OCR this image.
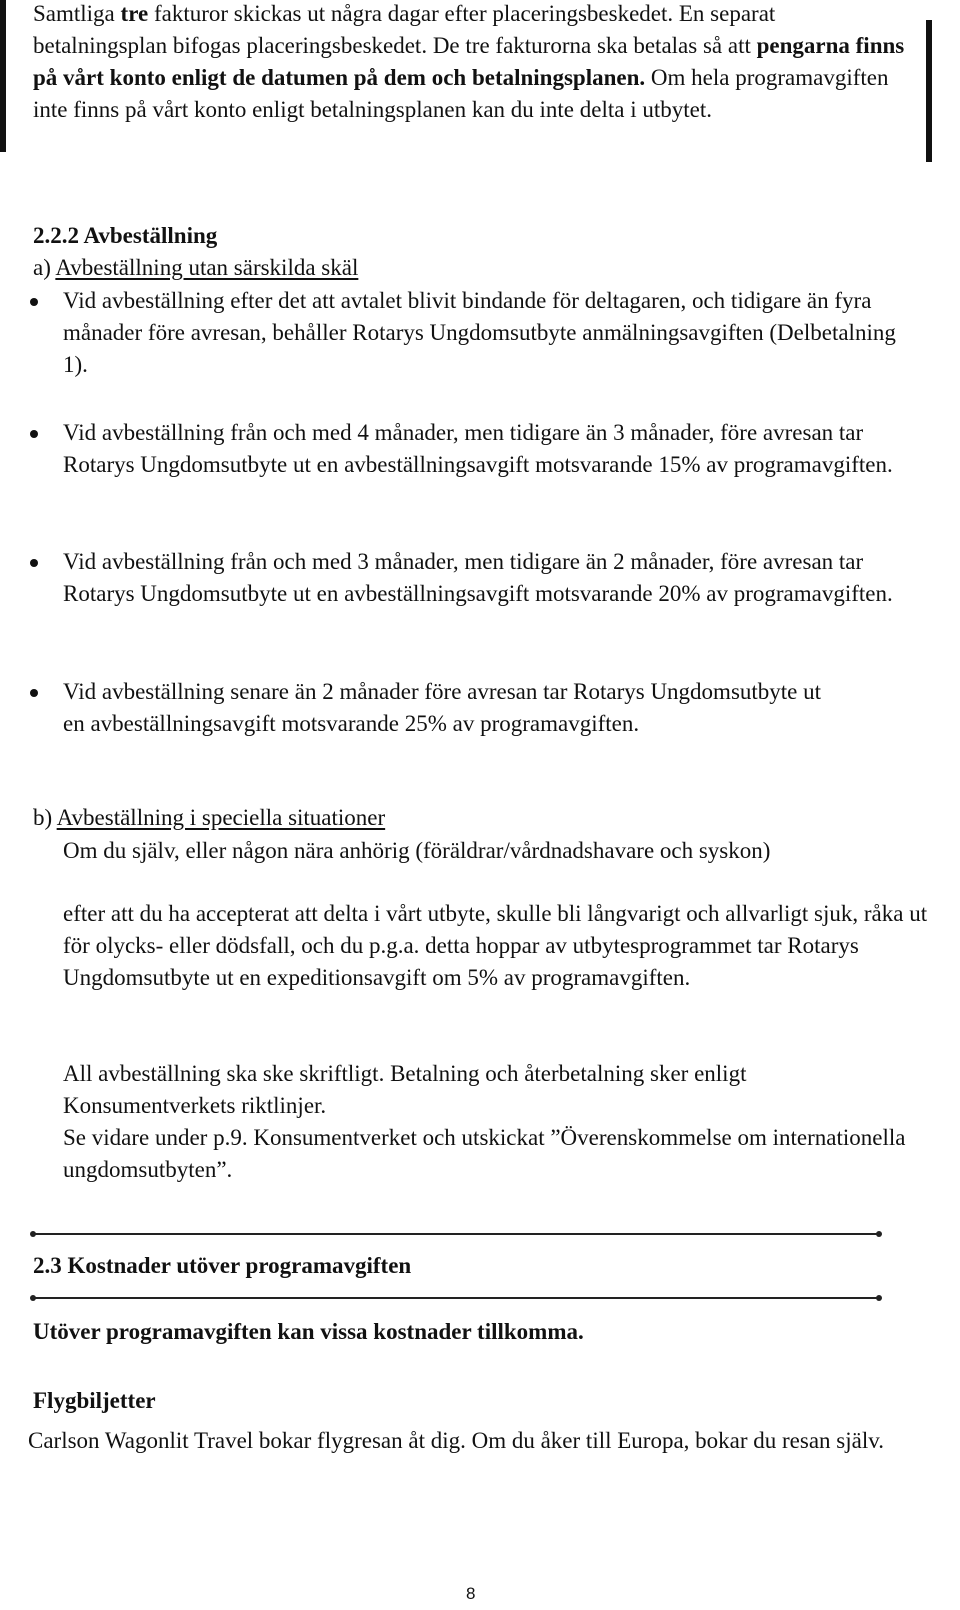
Samtliga tre fakturor skickas ut några dagar efter placeringsbeskedet. En separat betalningsplan bifogas placeringsbeskedet. De tre fakturorna ska betalas så att pengarna finns på vårt konto enligt de datumen på dem och betalningsplanen. Om hela programavgiften inte finns på vårt konto enligt betalningsplanen kan du inte delta i utbytet.
2.2.2 Avbeställning
a) Avbeställning utan särskilda skäl
Vid avbeställning efter det att avtalet blivit bindande för deltagaren, och tidigare än fyra månader före avresan, behåller Rotarys Ungdomsutbyte anmälningsavgiften (Delbetalning 1).
Vid avbeställning från och med 4 månader, men tidigare än 3 månader, före avresan tar Rotarys Ungdomsutbyte ut en avbeställningsavgift motsvarande 15% av programavgiften.
Vid avbeställning från och med 3 månader, men tidigare än 2 månader, före avresan tar Rotarys Ungdomsutbyte ut en avbeställningsavgift motsvarande 20% av programavgiften.
Vid avbeställning senare än 2 månader före avresan tar Rotarys Ungdomsutbyte ut en avbeställningsavgift motsvarande 25% av programavgiften.
b) Avbeställning i speciella situationer
Om du själv, eller någon nära anhörig (föräldrar/vårdnadshavare och syskon)
efter att du ha accepterat att delta i vårt utbyte, skulle bli långvarigt och allvarligt sjuk, råka ut för olycks- eller dödsfall, och du p.g.a. detta hoppar av utbytesprogrammet tar Rotarys Ungdomsutbyte ut en expeditionsavgift om 5% av programavgiften.
All avbeställning ska ske skriftligt. Betalning och återbetalning sker enligt Konsumentverkets riktlinjer.
Se vidare under p.9. Konsumentverket och utskickat ”Överenskommelse om internationella ungdomsutbyten”.
2.3 Kostnader utöver programavgiften
Utöver programavgiften kan vissa kostnader tillkomma.
Flygbiljetter
Carlson Wagonlit Travel bokar flygresan åt dig. Om du åker till Europa, bokar du resan själv.
8
